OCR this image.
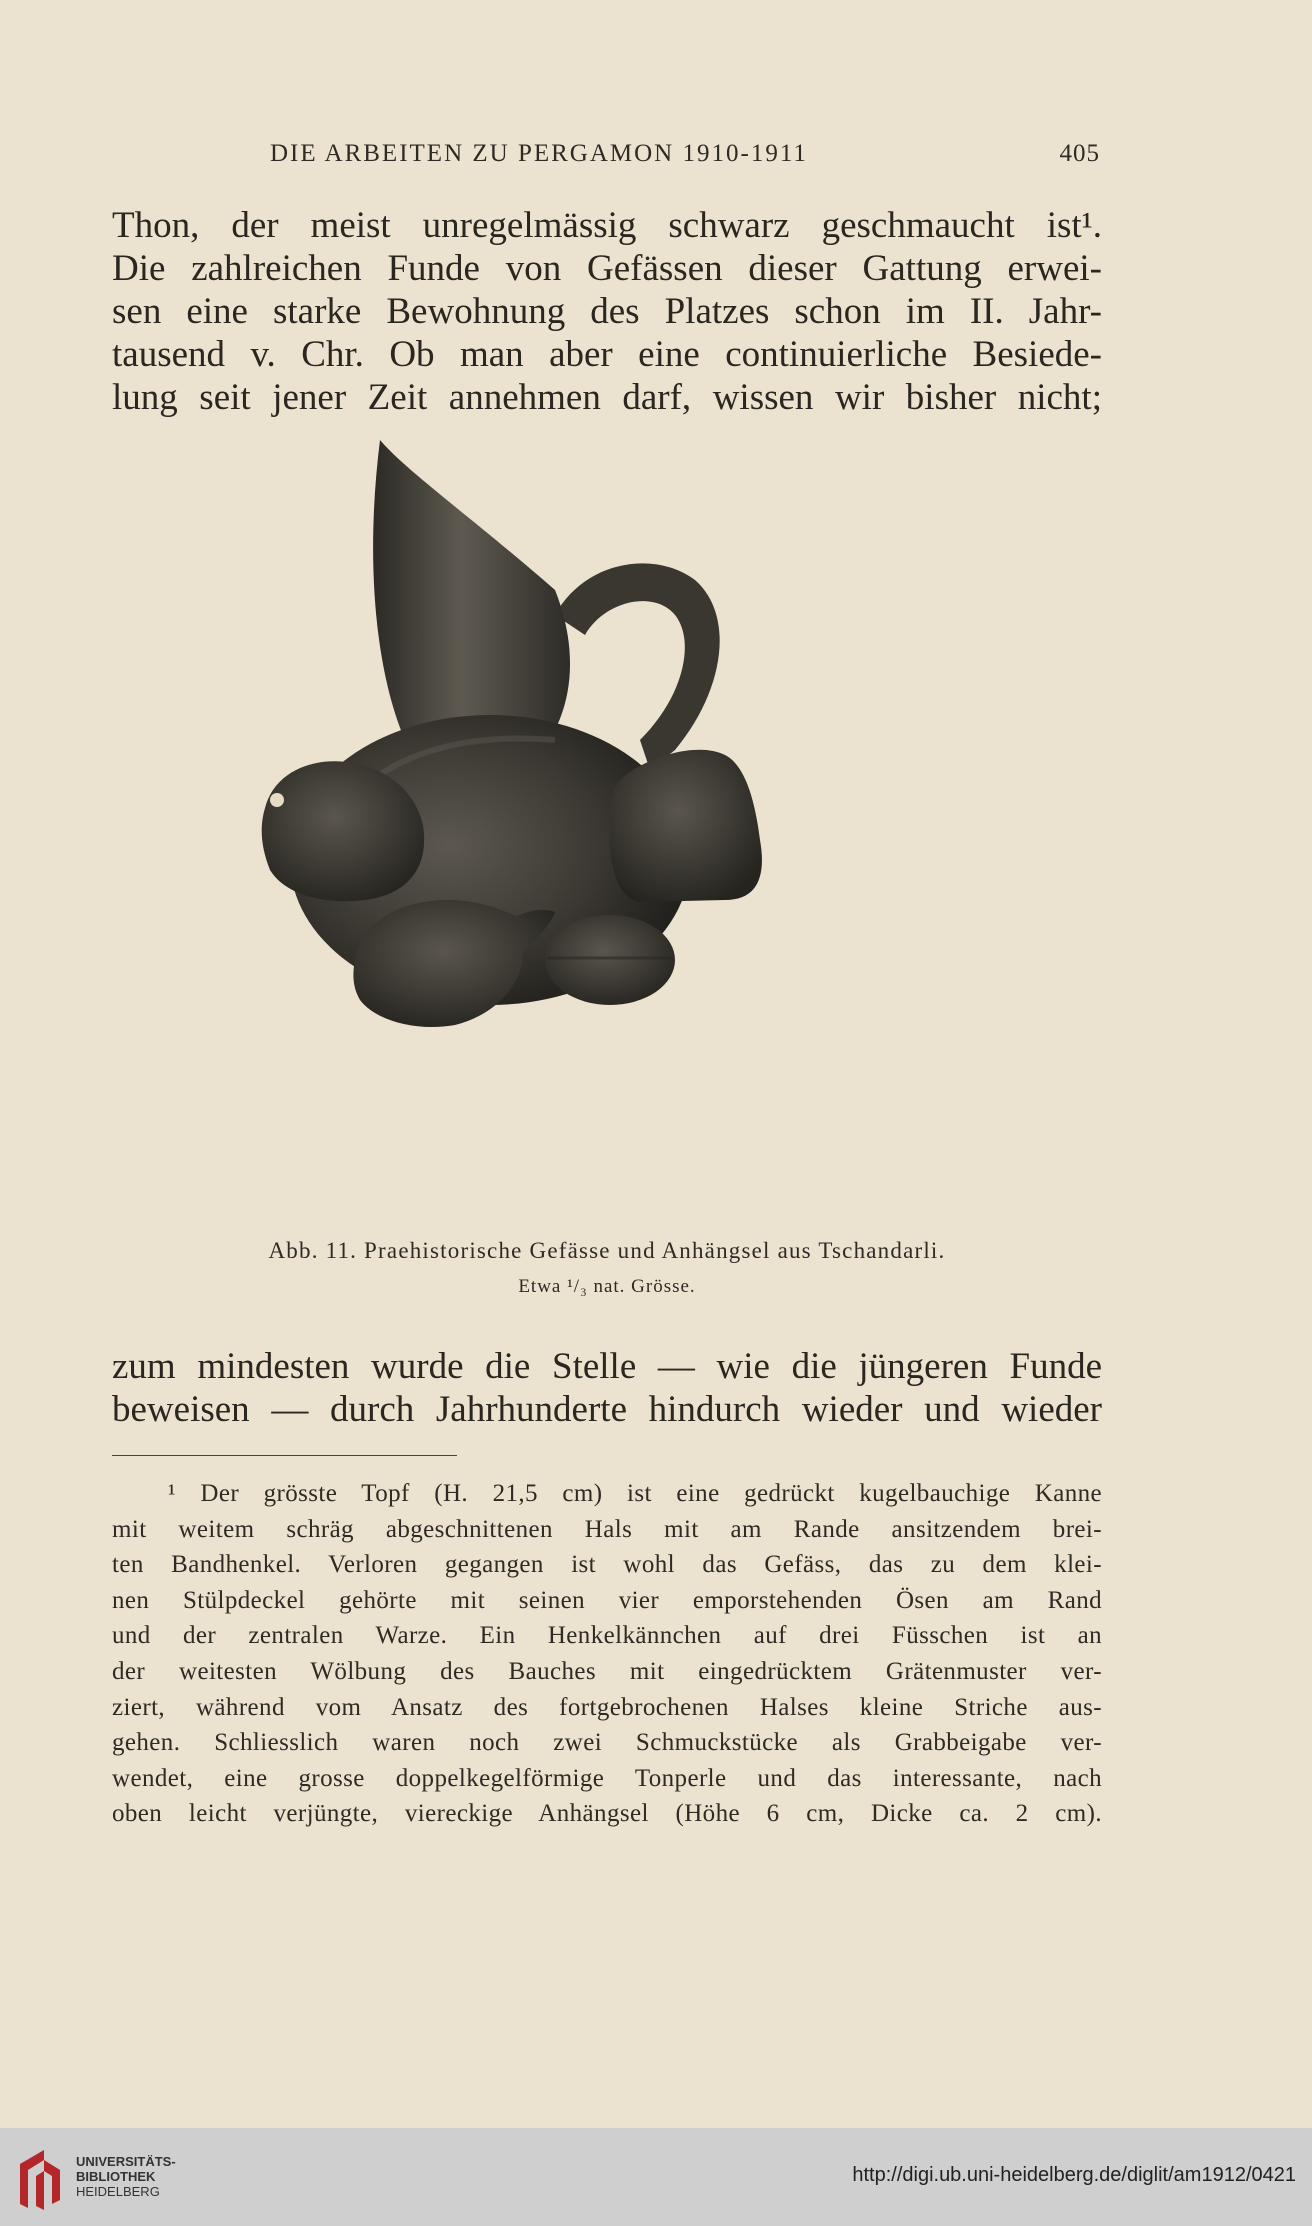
DIE ARBEITEN ZU PERGAMON 1910-1911	405
Thon, der meist unregelmässig schwarz geschmaucht ist¹.
Die zahlreichen Funde von Gefässen dieser Gattung erwei-
sen eine starke Bewohnung des Platzes schon im II. Jahr-
tausend v. Chr. Ob man aber eine continuierliche Besiede-
lung seit jener Zeit annehmen darf, wissen wir bisher nicht;
Abb. 11. Praehistorische Gefässe und Anhängsel aus Tschandarli.
Etwa ¹/₃ nat. Grösse.
zum mindesten wurde die Stelle — wie die jüngeren Funde
beweisen — durch Jahrhunderte hindurch wieder und wieder
¹ Der grösste Topf (H. 21,5 cm) ist eine gedrückt kugelbauchige Kanne
mit weitem schräg abgeschnittenen Hals mit am Rande ansitzendem brei-
ten Bandhenkel. Verloren gegangen ist wohl das Gefäss, das zu dem klei-
nen Stülpdeckel gehörte mit seinen vier emporstehenden Ösen am Rand
und der zentralen Warze. Ein Henkelkännchen auf drei Füsschen ist an
der weitesten Wölbung des Bauches mit eingedrücktem Grätenmuster ver-
ziert, während vom Ansatz des fortgebrochenen Halses kleine Striche aus-
gehen. Schliesslich waren noch zwei Schmuckstücke als Grabbeigabe ver-
wendet, eine grosse doppelkegelförmige Tonperle und das interessante, nach
oben leicht verjüngte, viereckige Anhängsel (Höhe 6 cm, Dicke ca. 2 cm).
UNIVERSITÄTS-
BIBLIOTHEK
HEIDELBERG
http://digi.ub.uni-heidelberg.de/diglit/am1912/0421
